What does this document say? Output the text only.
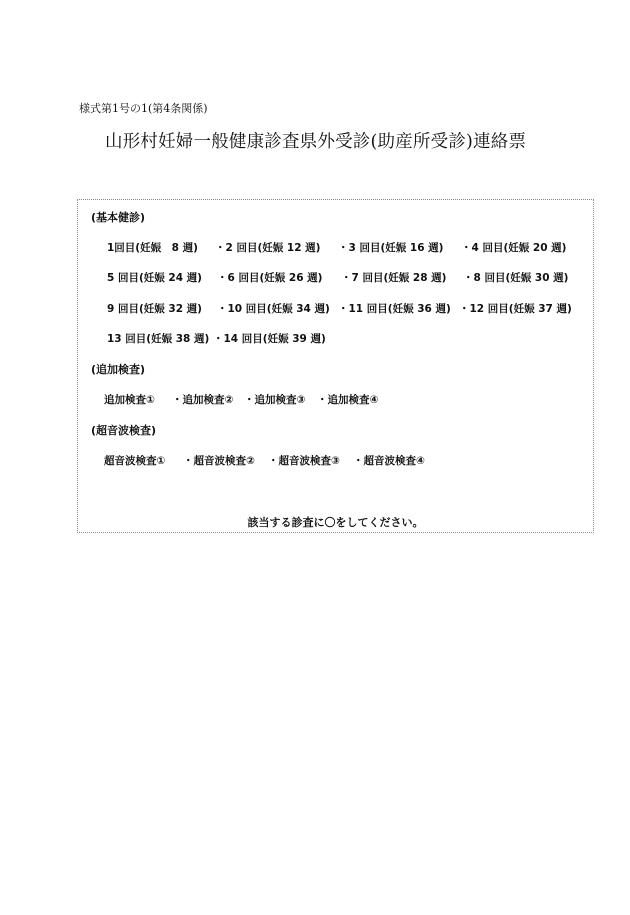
様式第1号の1(第4条関係)
山形村妊婦一般健康診査県外受診(助産所受診)連絡票
(基本健診)
1回目(妊娠　8 週) ・2 回目(妊娠 12 週) ・3 回目(妊娠 16 週) ・4 回目(妊娠 20 週)
5 回目(妊娠 24 週) ・6 回目(妊娠 26 週) ・7 回目(妊娠 28 週) ・8 回目(妊娠 30 週)
9 回目(妊娠 32 週) ・10 回目(妊娠 34 週) ・11 回目(妊娠 36 週) ・12 回目(妊娠 37 週)
13 回目(妊娠 38 週) ・14 回目(妊娠 39 週)
(追加検査)
追加検査① ・追加検査② ・追加検査③ ・追加検査④
(超音波検査)
超音波検査① ・超音波検査② ・超音波検査③ ・超音波検査④
該当する診査に〇をしてください。
